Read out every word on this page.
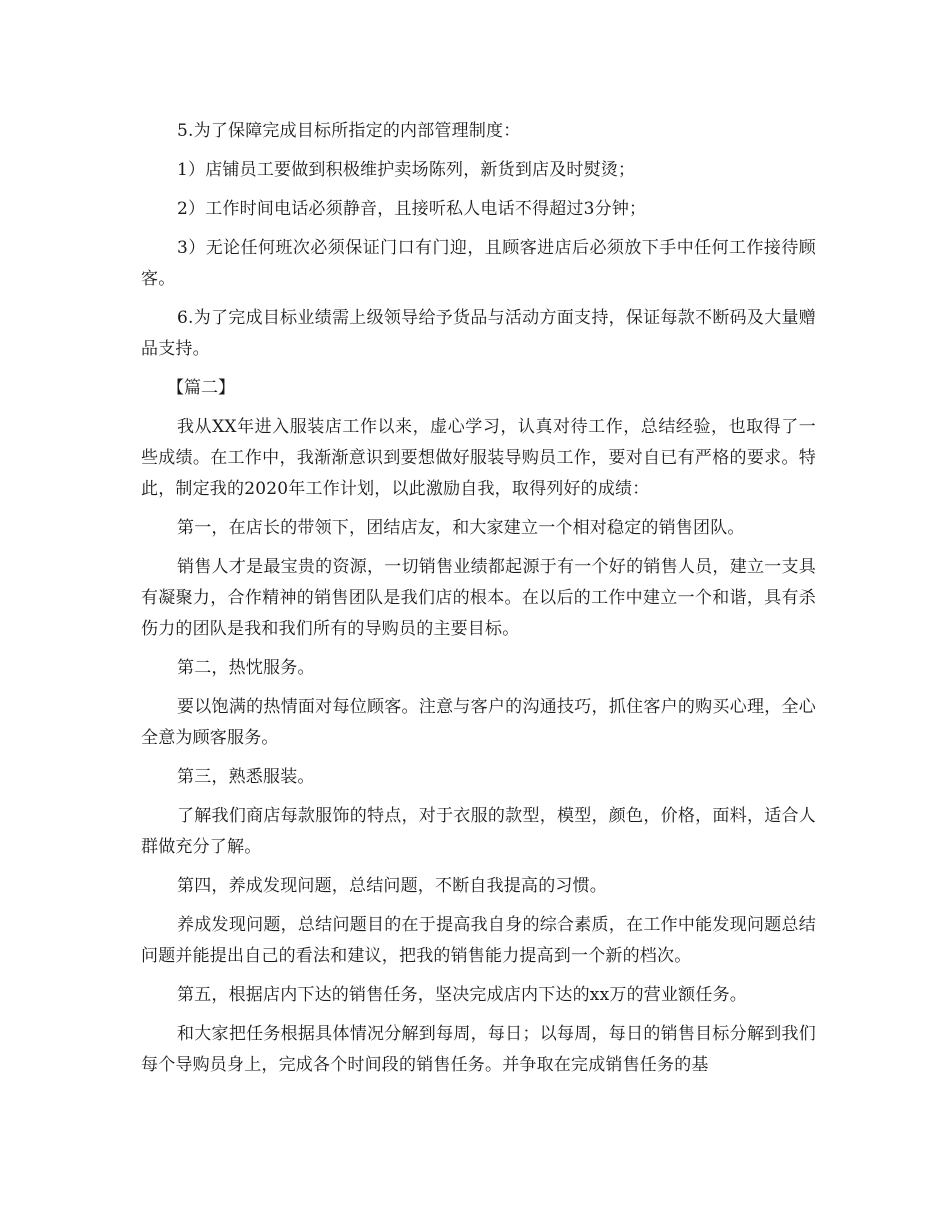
5.为了保障完成目标所指定的内部管理制度：

1）店铺员工要做到积极维护卖场陈列，新货到店及时熨烫；

2）工作时间电话必须静音，且接听私人电话不得超过3分钟；

3）无论任何班次必须保证门口有门迎，且顾客进店后必须放下手中任何工作接待顾客。

6.为了完成目标业绩需上级领导给予货品与活动方面支持，保证每款不断码及大量赠品支持。

【篇二】

我从XX年进入服装店工作以来，虚心学习，认真对待工作，总结经验，也取得了一些成绩。在工作中，我渐渐意识到要想做好服装导购员工作，要对自已有严格的要求。特此，制定我的2020年工作计划，以此激励自我，取得列好的成绩：

第一，在店长的带领下，团结店友，和大家建立一个相对稳定的销售团队。

销售人才是最宝贵的资源，一切销售业绩都起源于有一个好的销售人员，建立一支具有凝聚力，合作精神的销售团队是我们店的根本。在以后的工作中建立一个和谐，具有杀伤力的团队是我和我们所有的导购员的主要目标。

第二，热忱服务。

要以饱满的热情面对每位顾客。注意与客户的沟通技巧，抓住客户的购买心理，全心全意为顾客服务。

第三，熟悉服装。

了解我们商店每款服饰的特点，对于衣服的款型，模型，颜色，价格，面料，适合人群做充分了解。

第四，养成发现问题，总结问题，不断自我提高的习惯。

养成发现问题，总结问题目的在于提高我自身的综合素质，在工作中能发现问题总结问题并能提出自己的看法和建议，把我的销售能力提高到一个新的档次。

第五，根据店内下达的销售任务，坚决完成店内下达的xx万的营业额任务。

和大家把任务根据具体情况分解到每周，每日；以每周，每日的销售目标分解到我们每个导购员身上，完成各个时间段的销售任务。并争取在完成销售任务的基
